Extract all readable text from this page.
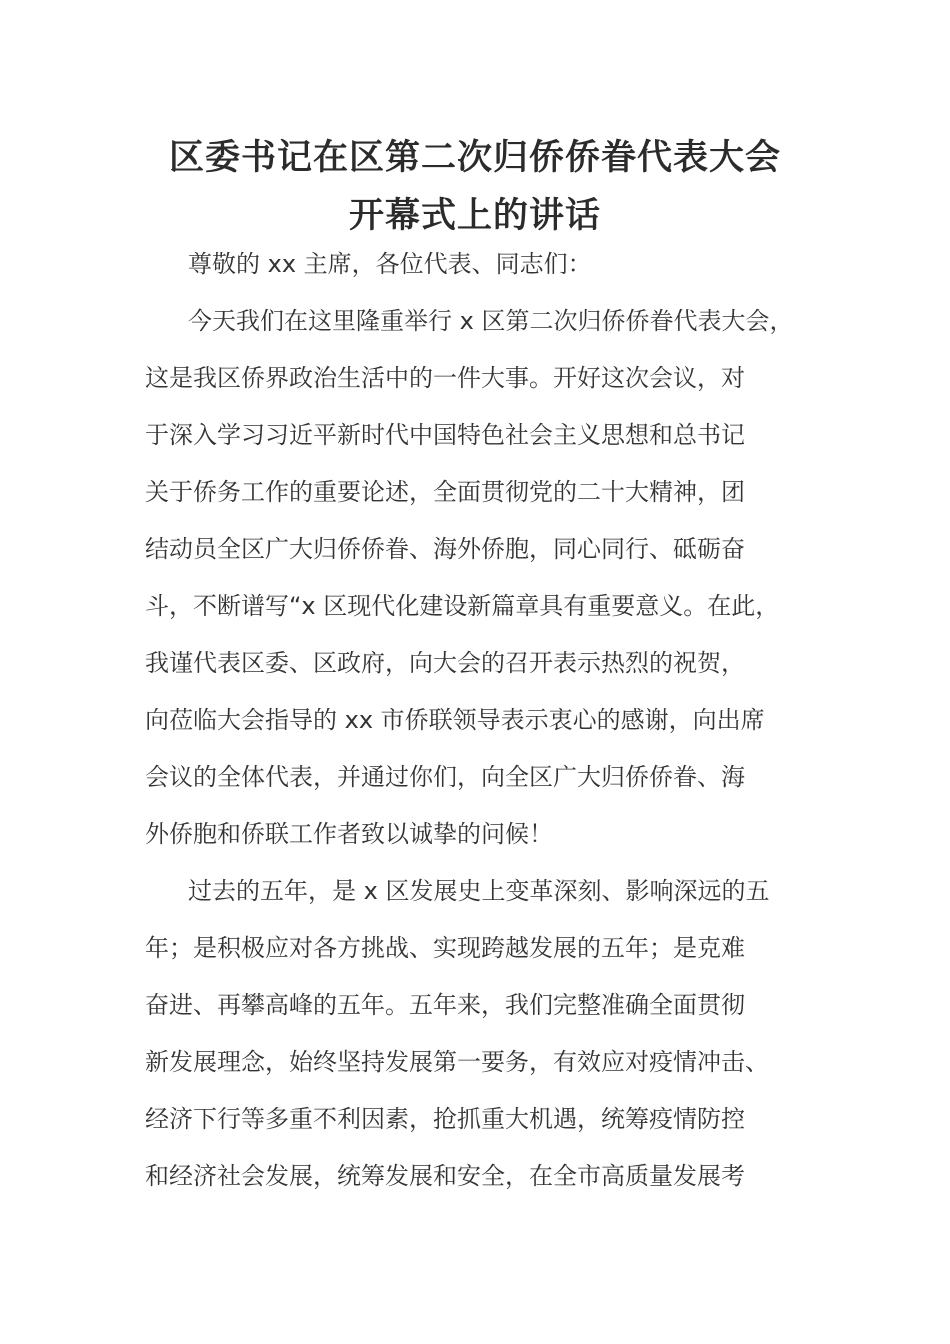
区委书记在区第二次归侨侨眷代表大会
开幕式上的讲话

尊敬的 xx 主席，各位代表、同志们：

今天我们在这里隆重举行 x 区第二次归侨侨眷代表大会，

这是我区侨界政治生活中的一件大事。开好这次会议，对

于深入学习习近平新时代中国特色社会主义思想和总书记

关于侨务工作的重要论述，全面贯彻党的二十大精神，团

结动员全区广大归侨侨眷、海外侨胞，同心同行、砥砺奋

斗，不断谱写“x 区现代化建设新篇章具有重要意义。在此，

我谨代表区委、区政府，向大会的召开表示热烈的祝贺，

向莅临大会指导的 xx 市侨联领导表示衷心的感谢，向出席

会议的全体代表，并通过你们，向全区广大归侨侨眷、海

外侨胞和侨联工作者致以诚挚的问候！

过去的五年，是 x 区发展史上变革深刻、影响深远的五

年；是积极应对各方挑战、实现跨越发展的五年；是克难

奋进、再攀高峰的五年。五年来，我们完整准确全面贯彻

新发展理念，始终坚持发展第一要务，有效应对疫情冲击、

经济下行等多重不利因素，抢抓重大机遇，统筹疫情防控

和经济社会发展，统筹发展和安全，在全市高质量发展考
